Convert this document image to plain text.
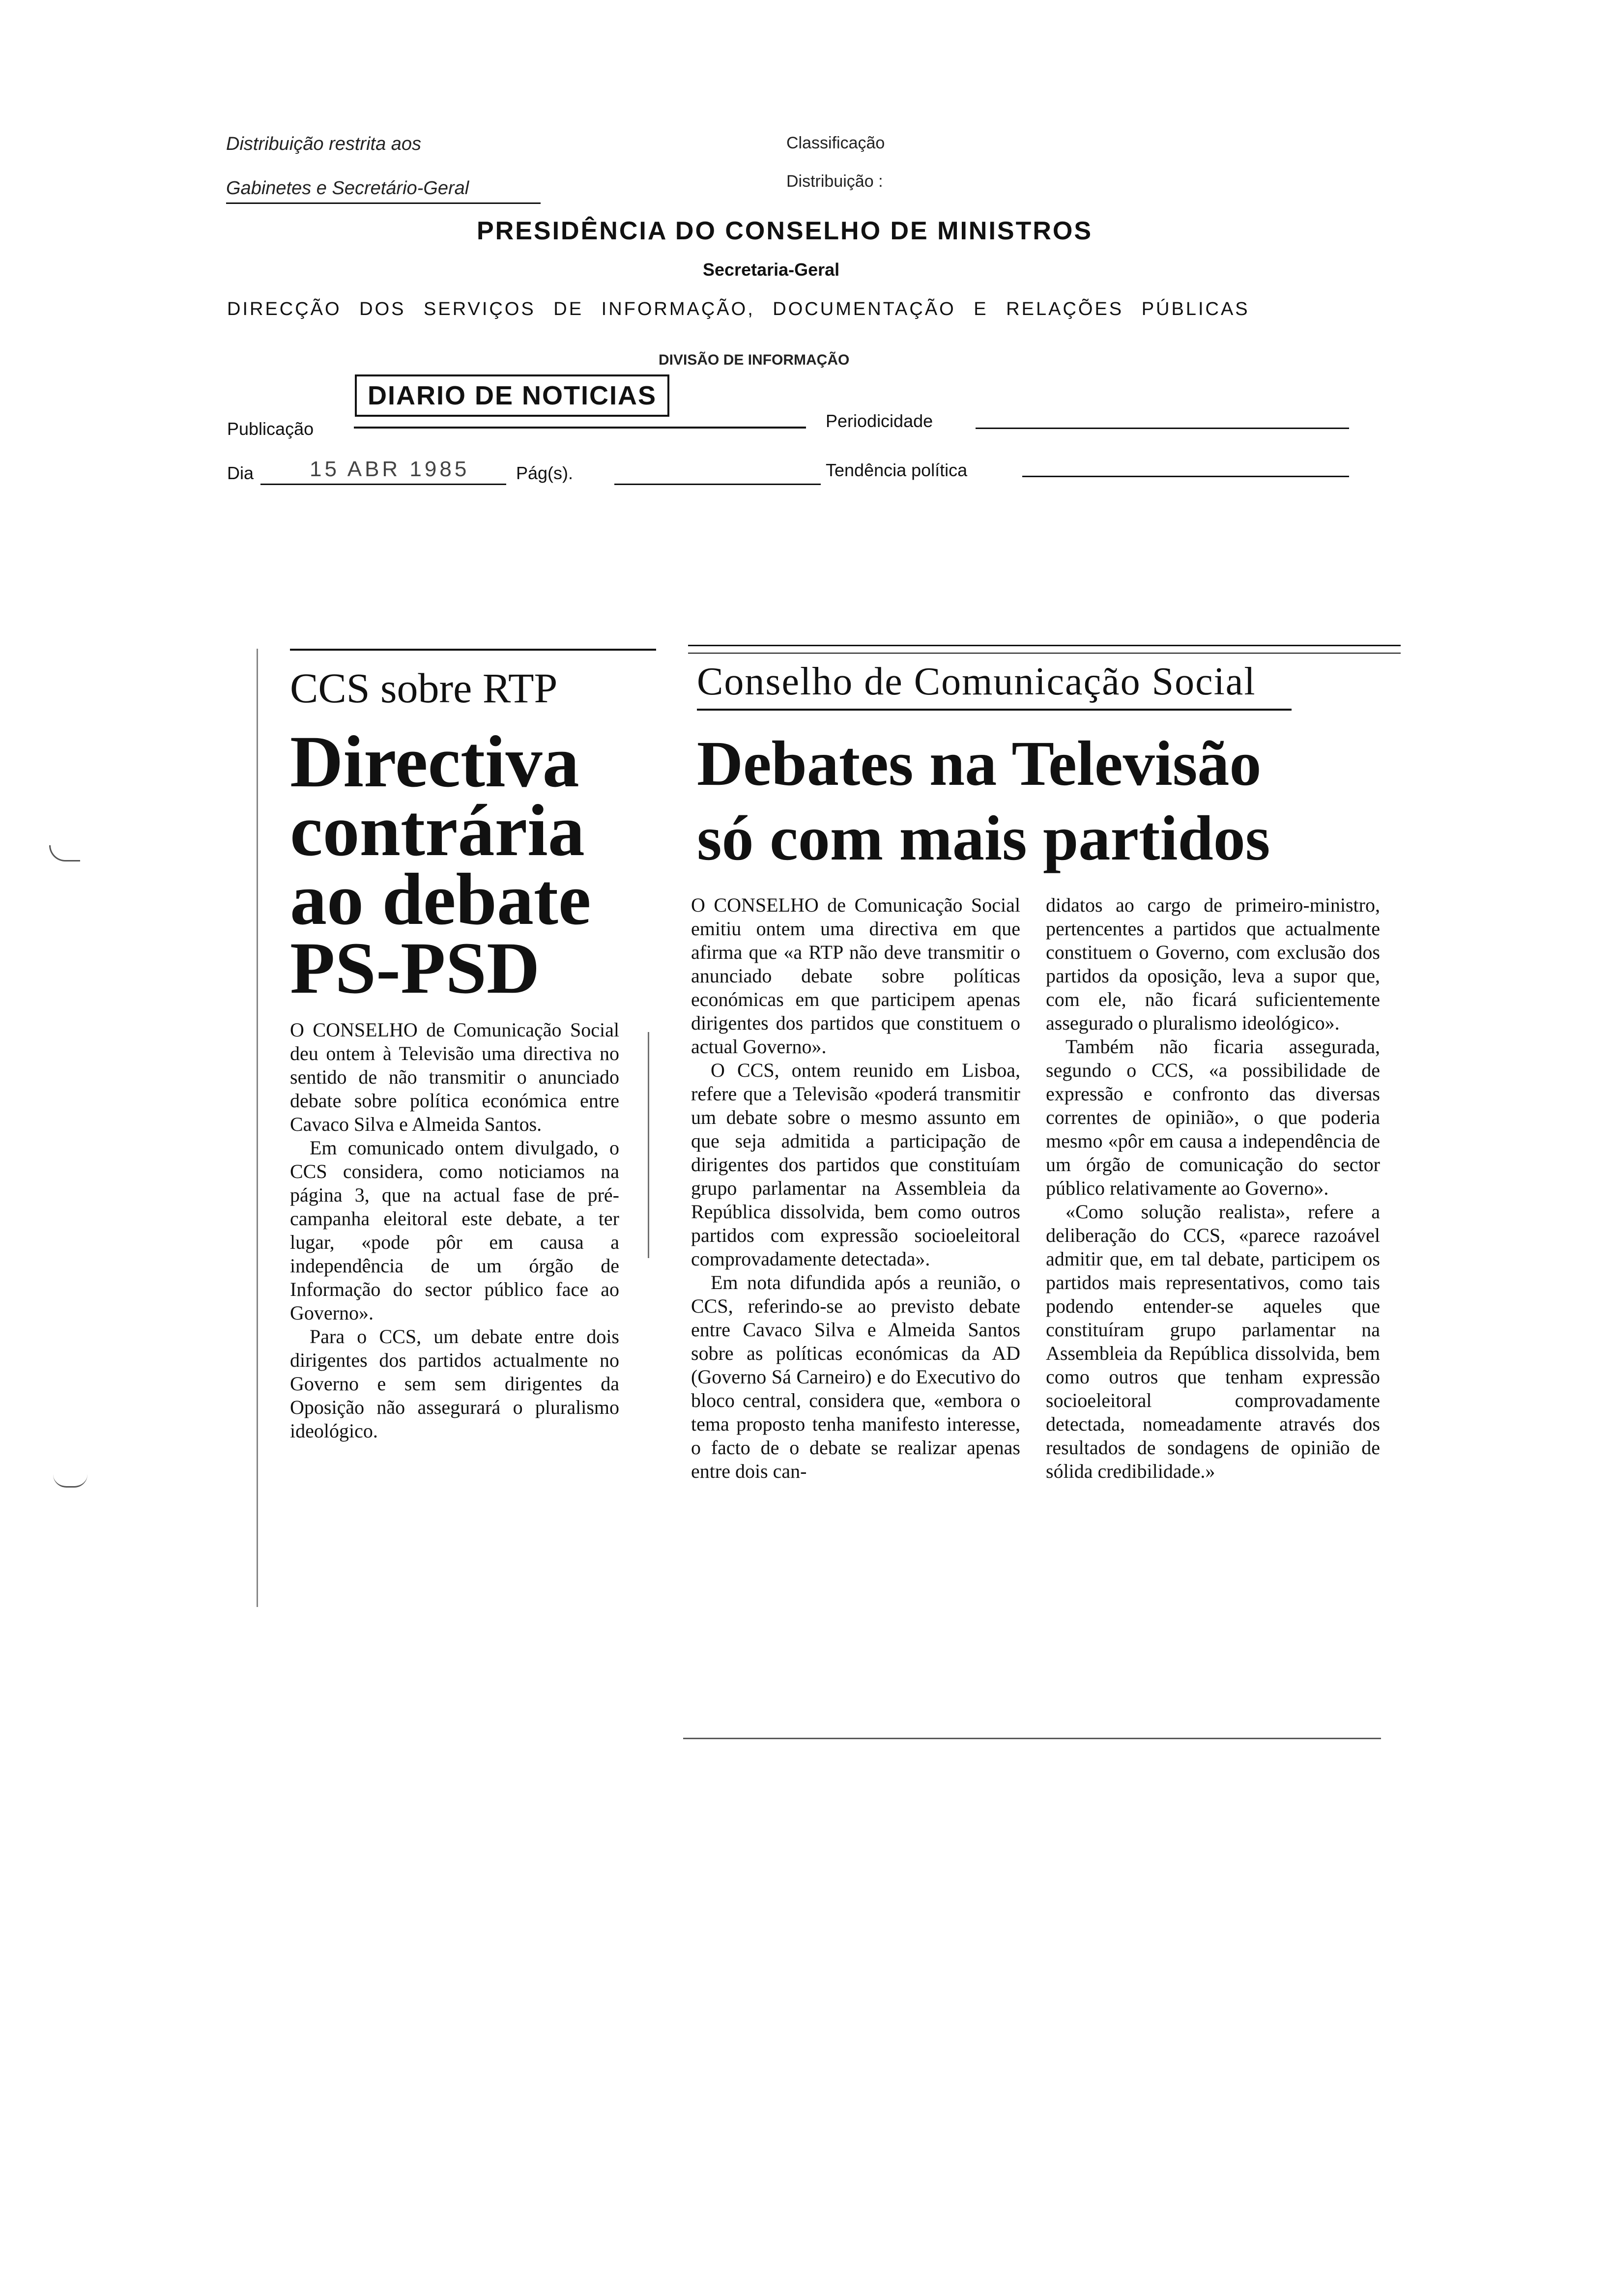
Distribuição restrita aos
Gabinetes e Secretário-Geral
Classificação
Distribuição :
PRESIDÊNCIA DO CONSELHO DE MINISTROS
Secretaria-Geral
DIRECÇÃO DOS SERVIÇOS DE INFORMAÇÃO, DOCUMENTAÇÃO E RELAÇÕES PÚBLICAS
DIVISÃO DE INFORMAÇÃO
Publicação
DIARIO DE NOTICIAS
Periodicidade
Dia	15 ABR 1985	Pág(s).	Tendência política
CCS sobre RTP
Directiva
contrária
ao debate
PS-PSD

O CONSELHO de Comunicação Social deu ontem à Televisão uma directiva no sentido de não transmitir o anunciado debate sobre política económica entre Cavaco Silva e Almeida Santos.

Em comunicado ontem divulgado, o CCS considera, como noticiamos na página 3, que na actual fase de pré-campanha eleitoral este debate, a ter lugar, «pode pôr em causa a independência de um órgão de Informação do sector público face ao Governo».

Para o CCS, um debate entre dois dirigentes dos partidos actualmente no Governo e sem sem dirigentes da Oposição não assegurará o pluralismo ideológico.

Conselho de Comunicação Social
Debates na Televisão
só com mais partidos

O CONSELHO de Comunicação Social emitiu ontem uma directiva em que afirma que «a RTP não deve transmitir o anunciado debate sobre políticas económicas em que participem apenas dirigentes dos partidos que constituem o actual Governo».

O CCS, ontem reunido em Lisboa, refere que a Televisão «poderá transmitir um debate sobre o mesmo assunto em que seja admitida a participação de dirigentes dos partidos que constituíam grupo parlamentar na Assembleia da República dissolvida, bem como outros partidos com expressão socioeleitoral comprovadamente detectada».

Em nota difundida após a reunião, o CCS, referindo-se ao previsto debate entre Cavaco Silva e Almeida Santos sobre as políticas económicas da AD (Governo Sá Carneiro) e do Executivo do bloco central, considera que, «embora o tema proposto tenha manifesto interesse, o facto de o debate se realizar apenas entre dois can-

didatos ao cargo de primeiro-ministro, pertencentes a partidos que actualmente constituem o Governo, com exclusão dos partidos da oposição, leva a supor que, com ele, não ficará suficientemente assegurado o pluralismo ideológico».

Também não ficaria assegurada, segundo o CCS, «a possibilidade de expressão e confronto das diversas correntes de opinião», o que poderia mesmo «pôr em causa a independência de um órgão de comunicação do sector público relativamente ao Governo».

«Como solução realista», refere a deliberação do CCS, «parece razoável admitir que, em tal debate, participem os partidos mais representativos, como tais podendo entender-se aqueles que constituíram grupo parlamentar na Assembleia da República dissolvida, bem como outros que tenham expressão socioeleitoral comprovadamente detectada, nomeadamente através dos resultados de sondagens de opinião de sólida credibilidade.»
